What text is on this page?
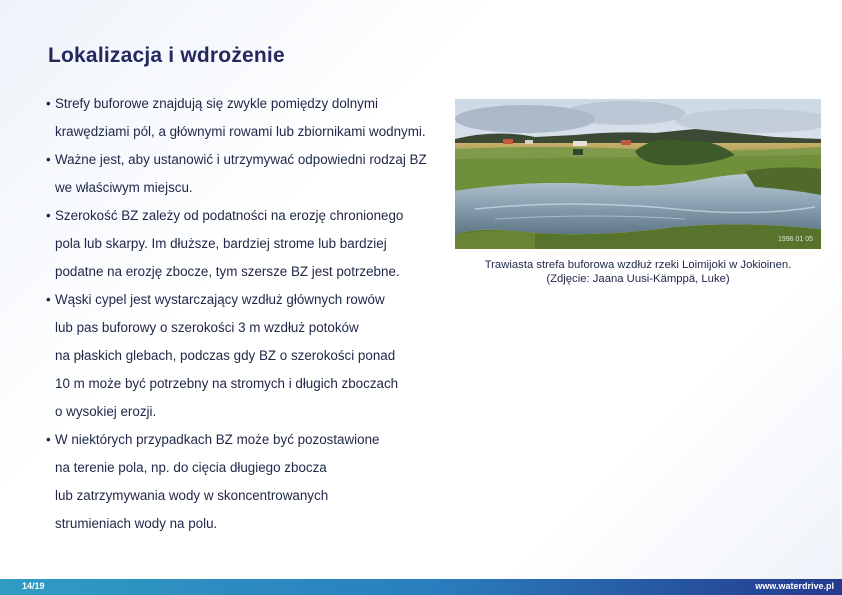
Lokalizacja i wdrożenie
• Strefy buforowe znajdują się zwykle pomiędzy dolnymi
krawędziami pól, a głównymi rowami lub zbiornikami wodnymi.
• Ważne jest, aby ustanowić i utrzymywać odpowiedni rodzaj BZ
we właściwym miejscu.
• Szerokość BZ zależy od podatności na erozję chronionego
pola lub skarpy. Im dłuższe, bardziej strome lub bardziej
podatne na erozję zbocze, tym szersze BZ jest potrzebne.
• Wąski cypel jest wystarczający wzdłuż głównych rowów
lub pas buforowy o szerokości 3 m wzdłuż potoków
na płaskich glebach, podczas gdy BZ o szerokości ponad
10 m może być potrzebny na stromych i długich zboczach
o wysokiej erozji.
• W niektórych przypadkach BZ może być pozostawione
na terenie pola, np. do cięcia długiego zbocza
lub zatrzymywania wody w skoncentrowanych
strumieniach wody na polu.
1996 01 05
Trawiasta strefa buforowa wzdłuż rzeki Loimijoki w Jokioinen.
(Zdjęcie: Jaana Uusi-Kämppä, Luke)
14/19	www.waterdrive.pl
